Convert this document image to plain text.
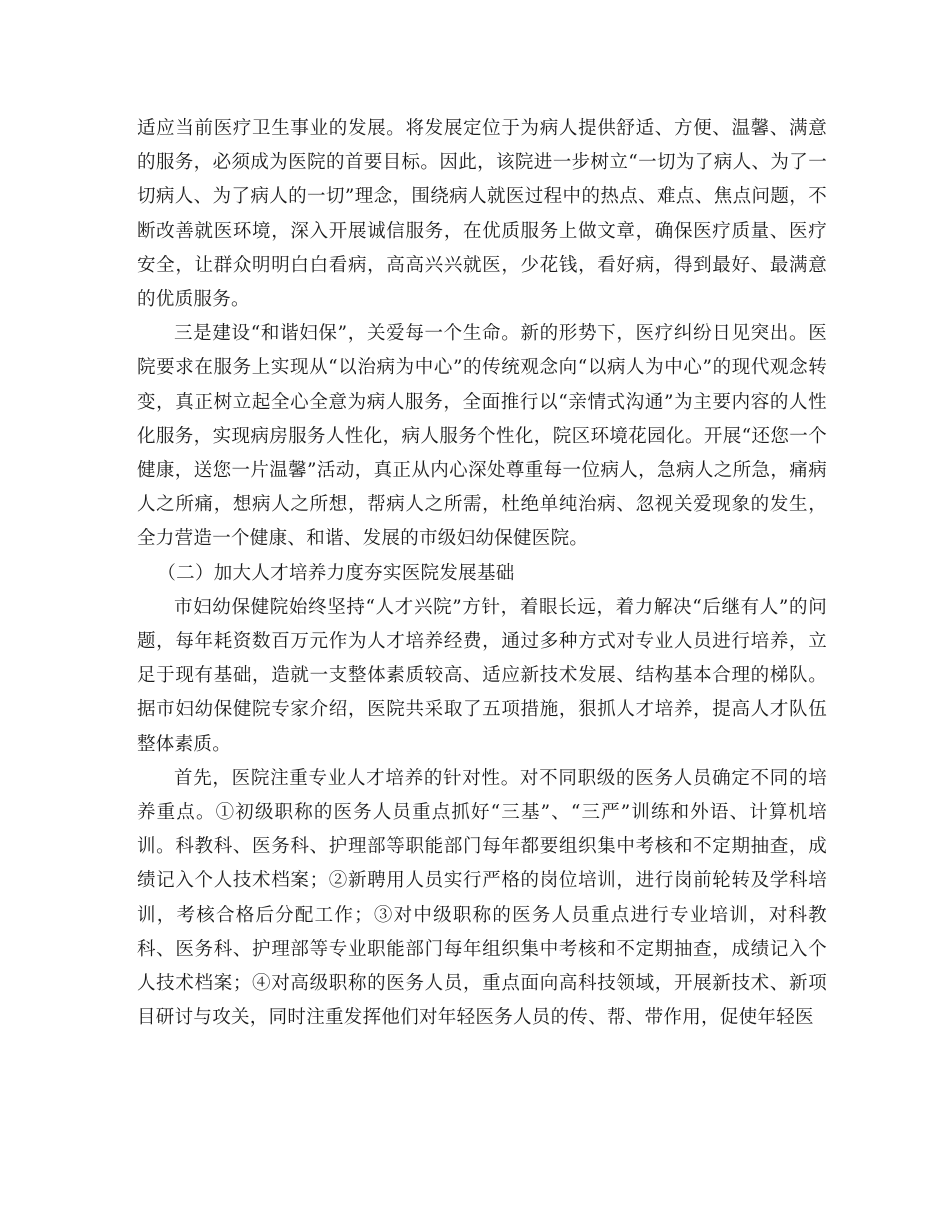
适应当前医疗卫生事业的发展。将发展定位于为病人提供舒适、方便、温馨、满意的服务，必须成为医院的首要目标。因此，该院进一步树立“一切为了病人、为了一切病人、为了病人的一切”理念，围绕病人就医过程中的热点、难点、焦点问题，不断改善就医环境，深入开展诚信服务，在优质服务上做文章，确保医疗质量、医疗安全，让群众明明白白看病，高高兴兴就医，少花钱，看好病，得到最好、最满意的优质服务。

三是建设“和谐妇保”，关爱每一个生命。新的形势下，医疗纠纷日见突出。医院要求在服务上实现从“以治病为中心”的传统观念向“以病人为中心”的现代观念转变，真正树立起全心全意为病人服务，全面推行以“亲情式沟通”为主要内容的人性化服务，实现病房服务人性化，病人服务个性化，院区环境花园化。开展“还您一个健康，送您一片温馨”活动，真正从内心深处尊重每一位病人，急病人之所急，痛病人之所痛，想病人之所想，帮病人之所需，杜绝单纯治病、忽视关爱现象的发生，全力营造一个健康、和谐、发展的市级妇幼保健医院。

（二）加大人才培养力度夯实医院发展基础

市妇幼保健院始终坚持“人才兴院”方针，着眼长远，着力解决“后继有人”的问题，每年耗资数百万元作为人才培养经费，通过多种方式对专业人员进行培养，立足于现有基础，造就一支整体素质较高、适应新技术发展、结构基本合理的梯队。据市妇幼保健院专家介绍，医院共采取了五项措施，狠抓人才培养，提高人才队伍整体素质。

首先，医院注重专业人才培养的针对性。对不同职级的医务人员确定不同的培养重点。①初级职称的医务人员重点抓好“三基”、“三严”训练和外语、计算机培训。科教科、医务科、护理部等职能部门每年都要组织集中考核和不定期抽查，成绩记入个人技术档案；②新聘用人员实行严格的岗位培训，进行岗前轮转及学科培训，考核合格后分配工作；③对中级职称的医务人员重点进行专业培训，对科教科、医务科、护理部等专业职能部门每年组织集中考核和不定期抽查，成绩记入个人技术档案；④对高级职称的医务人员，重点面向高科技领域，开展新技术、新项目研讨与攻关，同时注重发挥他们对年轻医务人员的传、帮、带作用，促使年轻医
